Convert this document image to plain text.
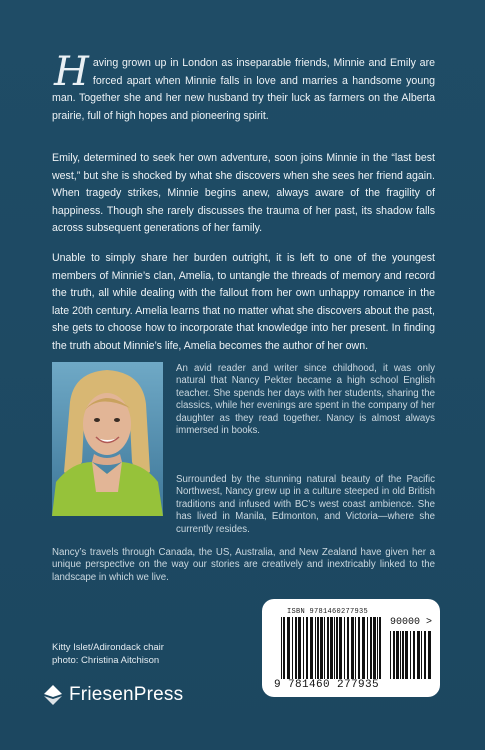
Having grown up in London as inseparable friends, Minnie and Emily are forced apart when Minnie falls in love and marries a handsome young man. Together she and her new husband try their luck as farmers on the Alberta prairie, full of high hopes and pioneering spirit.

Emily, determined to seek her own adventure, soon joins Minnie in the “last best west,” but she is shocked by what she discovers when she sees her friend again. When tragedy strikes, Minnie begins anew, always aware of the fragility of happiness. Though she rarely discusses the trauma of her past, its shadow falls across subsequent generations of her family.

Unable to simply share her burden outright, it is left to one of the youngest members of Minnie’s clan, Amelia, to untangle the threads of memory and record the truth, all while dealing with the fallout from her own unhappy romance in the late 20th century. Amelia learns that no matter what she discovers about the past, she gets to choose how to incorporate that knowledge into her present. In finding the truth about Minnie’s life, Amelia becomes the author of her own.

An avid reader and writer since childhood, it was only natural that Nancy Pekter became a high school English teacher. She spends her days with her students, sharing the classics, while her evenings are spent in the company of her daughter as they read together. Nancy is almost always immersed in books.

Surrounded by the stunning natural beauty of the Pacific Northwest, Nancy grew up in a culture steeped in old British traditions and infused with BC’s west coast ambience. She has lived in Manila, Edmonton, and Victoria—where she currently resides.

Nancy’s travels through Canada, the US, Australia, and New Zealand have given her a unique perspective on the way our stories are creatively and inextricably linked to the landscape in which we live.

Kitty Islet/Adirondack chair
photo: Christina Aitchison
FriesenPress
ISBN 9781460277935
90000 >
9 781460 277935
